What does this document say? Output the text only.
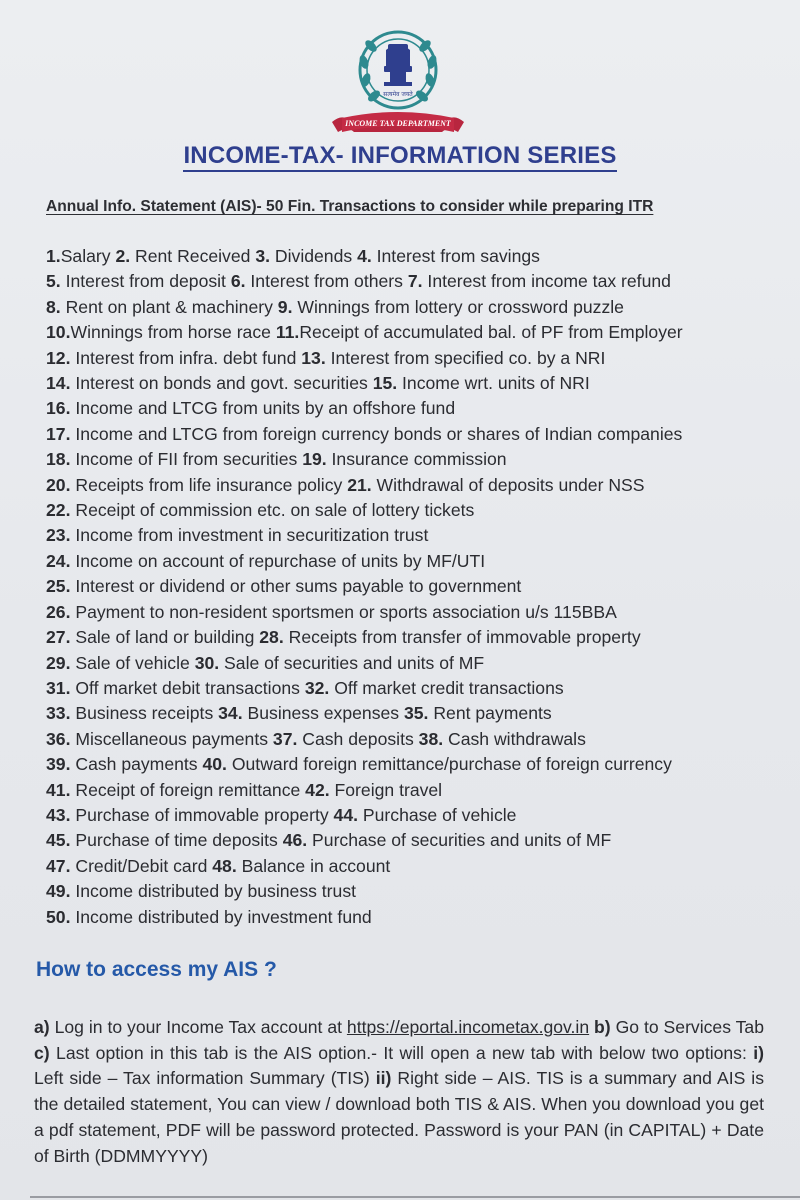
सत्यमेव जयते
INCOME TAX DEPARTMENT
INCOME-TAX- INFORMATION SERIES
Annual Info. Statement (AIS)- 50 Fin. Transactions to consider while preparing ITR
1.Salary 2. Rent Received 3. Dividends 4. Interest from savings
5. Interest from deposit 6. Interest from others 7. Interest from income tax refund
8. Rent on plant & machinery 9. Winnings from lottery or crossword puzzle
10.Winnings from horse race 11.Receipt of accumulated bal. of PF from Employer
12. Interest from infra. debt fund 13. Interest from specified co. by a NRI
14. Interest on bonds and govt. securities 15. Income wrt. units of NRI
16. Income and LTCG from units by an offshore fund
17. Income and LTCG from foreign currency bonds or shares of Indian companies
18. Income of FII from securities 19. Insurance commission
20. Receipts from life insurance policy 21. Withdrawal of deposits under NSS
22. Receipt of commission etc. on sale of lottery tickets
23. Income from investment in securitization trust
24. Income on account of repurchase of units by MF/UTI
25. Interest or dividend or other sums payable to government
26. Payment to non-resident sportsmen or sports association u/s 115BBA
27. Sale of land or building 28. Receipts from transfer of immovable property
29. Sale of vehicle 30. Sale of securities and units of MF
31. Off market debit transactions 32. Off market credit transactions
33. Business receipts 34. Business expenses 35. Rent payments
36. Miscellaneous payments 37. Cash deposits 38. Cash withdrawals
39. Cash payments 40. Outward foreign remittance/purchase of foreign currency
41. Receipt of foreign remittance 42. Foreign travel
43. Purchase of immovable property 44. Purchase of vehicle
45. Purchase of time deposits 46. Purchase of securities and units of MF
47. Credit/Debit card 48. Balance in account
49. Income distributed by business trust
50. Income distributed by investment fund
How to access my AIS ?
a) Log in to your Income Tax account at https://eportal.incometax.gov.in b) Go to Services Tab c) Last option in this tab is the AIS option.- It will open a new tab with below two options: i) Left side – Tax information Summary (TIS) ii) Right side – AIS. TIS is a summary and AIS is the detailed statement, You can view / download both TIS & AIS. When you download you get a pdf statement, PDF will be password protected. Password is your PAN (in CAPITAL) + Date of Birth (DDMMYYYY)
